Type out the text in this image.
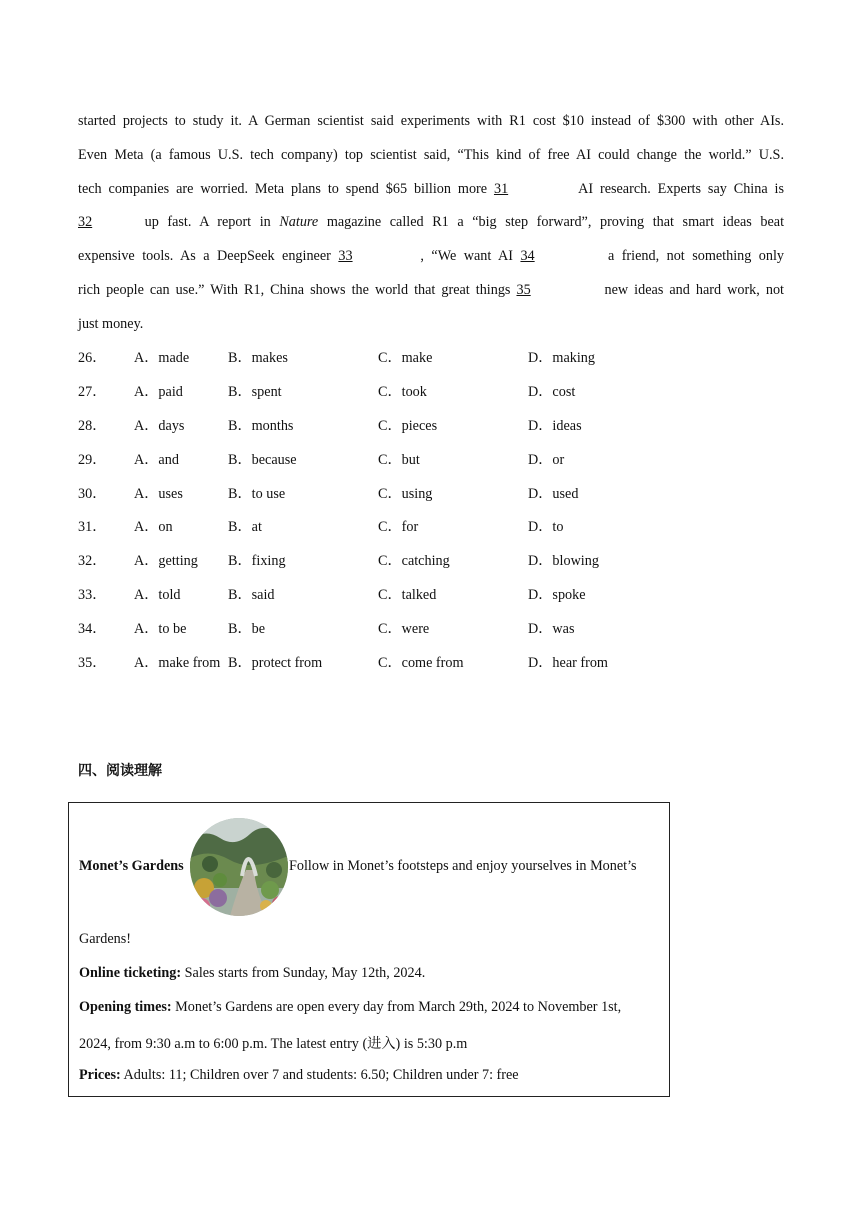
started projects to study it. A German scientist said experiments with R1 cost $10 instead of $300 with other AIs.
Even Meta (a famous U.S. tech company) top scientist said, “This kind of free AI could change the world.” U.S.
tech companies are worried. Meta plans to spend $65 billion more 31	AI research. Experts say China is
32	up fast. A report in Nature magazine called R1 a “big step forward”, proving that smart ideas beat
expensive tools. As a DeepSeek engineer 33	, “We want AI 34	a friend, not something only
rich people can use.” With R1, China shows the world that great things 35	new ideas and hard work, not
just money.
26． A．made	B．makes	C．make	D．making
27． A．paid	B．spent	C．took	D．cost
28． A．days	B．months	C．pieces	D．ideas
29． A．and	B．because	C．but	D．or
30． A．uses	B．to use	C．using	D．used
31． A．on	B．at	C．for	D．to
32． A．getting B．fixing	C．catching	D．blowing
33． A．told	B．said	C．talked	D．spoke
34． A．to be	B．be	C．were	D．was
35． A．make from B．protect from	C．come from	D．hear from
四、阅读理解
Monet’s Gardens	Follow in Monet’s footsteps and enjoy yourselves in Monet’s
Gardens!
Online ticketing: Sales starts from Sunday, May 12th, 2024.
Opening times: Monet’s Gardens are open every day from March 29th, 2024 to November 1st,
2024, from 9:30 a.m to 6:00 p.m. The latest entry (进入) is 5:30 p.m
Prices: Adults: 11; Children over 7 and students: 6.50; Children under 7: free
